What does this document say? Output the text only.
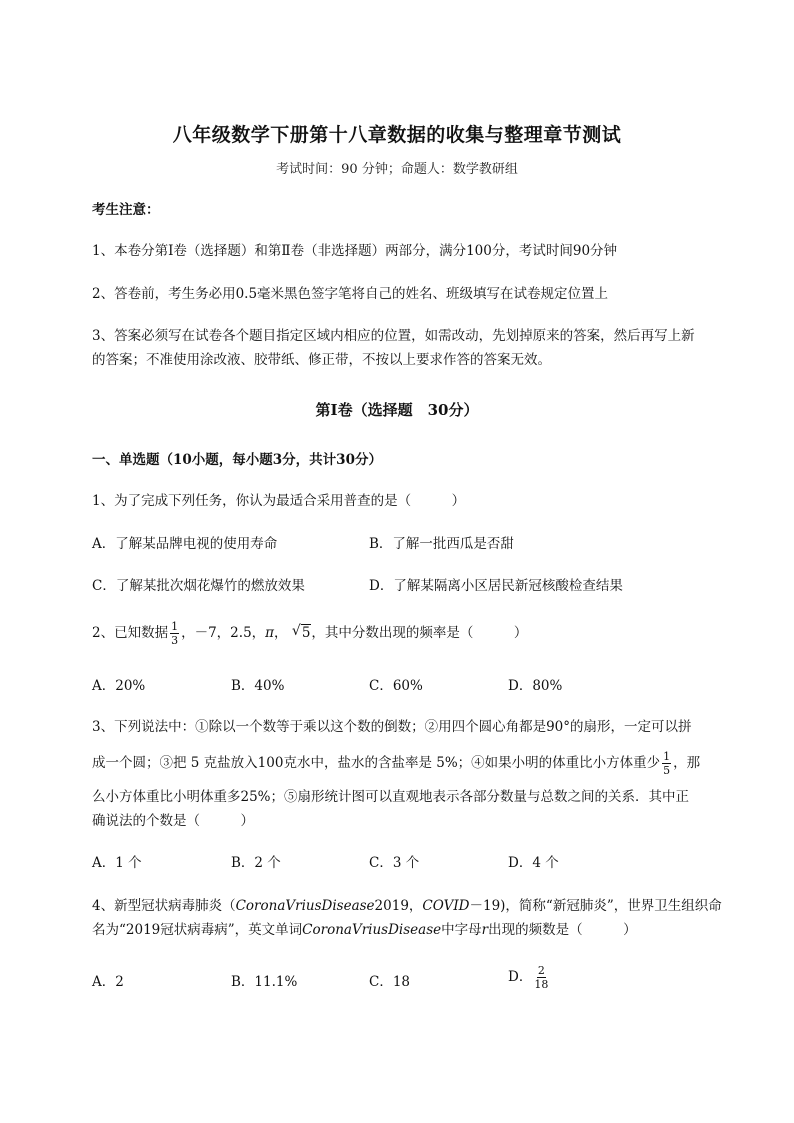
八年级数学下册第十八章数据的收集与整理章节测试
考试时间：90 分钟；命题人：数学教研组
考生注意：
1、本卷分第Ⅰ卷（选择题）和第Ⅱ卷（非选择题）两部分，满分100分，考试时间90分钟
2、答卷前，考生务必用0.5毫米黑色签字笔将自己的姓名、班级填写在试卷规定位置上
3、答案必须写在试卷各个题目指定区域内相应的位置，如需改动，先划掉原来的答案，然后再写上新
的答案；不准使用涂改液、胶带纸、修正带，不按以上要求作答的答案无效。
第Ⅰ卷（选择题　30分）
一、单选题（10小题，每小题3分，共计30分）
1、为了完成下列任务，你认为最适合采用普查的是（　　　）
A．了解某品牌电视的使用寿命	B．了解一批西瓜是否甜
C．了解某批次烟花爆竹的燃放效果	D．了解某隔离小区居民新冠核酸检查结果
2、已知数据 $\frac{1}{3}$ ，－7，2.5，π， √ 5，其中分数出现的频率是（　　　）
A．20%	B．40%	C．60%	D．80%
3、下列说法中：①除以一个数等于乘以这个数的倒数；②用四个圆心角都是90°的扇形，一定可以拼
成一个圆；③把 5 克盐放入100克水中，盐水的含盐率是 5%；④如果小明的体重比小方体重少 $\frac{1}{5}$ ，那
么小方体重比小明体重多25%；⑤扇形统计图可以直观地表示各部分数量与总数之间的关系．其中正
确说法的个数是（　　　）
A．1 个	B．2 个	C．3 个	D．4 个
4、新型冠状病毒肺炎（CoronaVriusDisease2019，COVID－19)，简称“新冠肺炎”，世界卫生组织命
名为“2019冠状病毒病”，英文单词CoronaVriusDisease中字母r出现的频数是（　　　）
A．2	B．11.1%	C．18	D． $\frac{2}{18}$
